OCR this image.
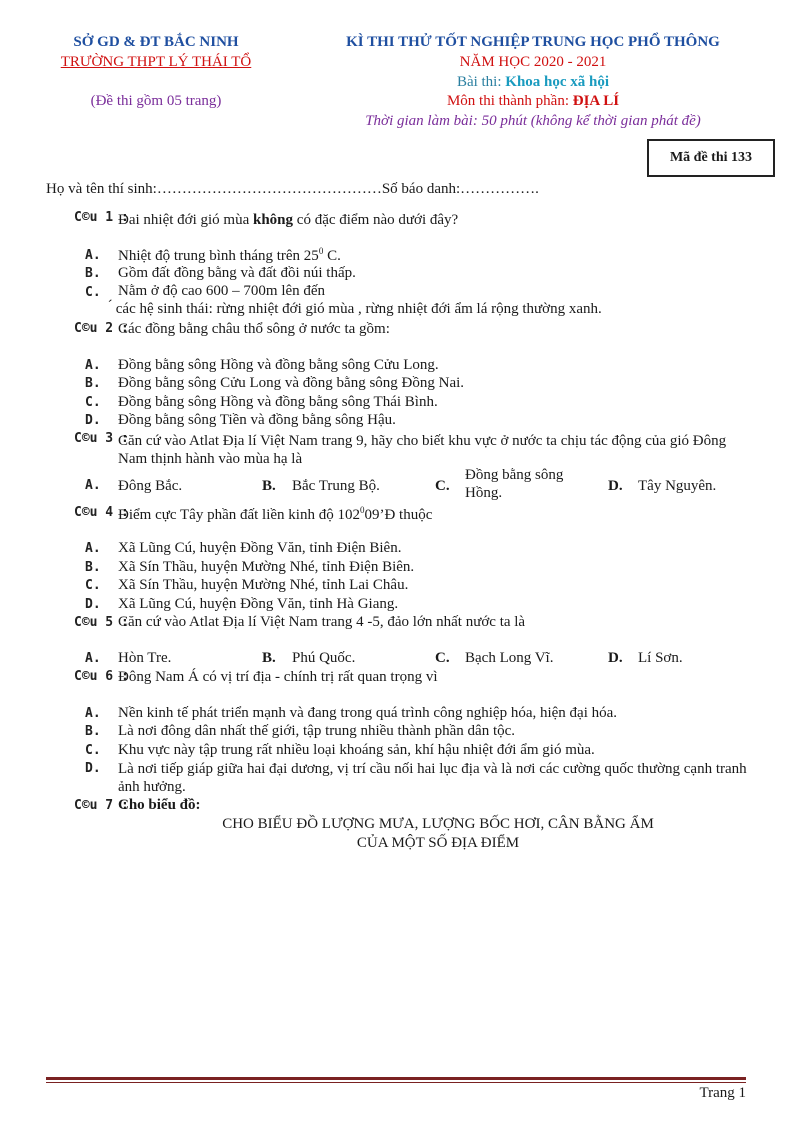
SỞ GD & ĐT BẮC NINH
TRƯỜNG THPT LÝ THÁI TỔ
(Đề thi gồm 05 trang)
KÌ THI THỬ TỐT NGHIỆP TRUNG HỌC PHỔ THÔNG
NĂM HỌC 2020 - 2021
Bài thi: Khoa học xã hội
Môn thi thành phần: ĐỊA LÍ
Thời gian làm bài: 50 phút (không kể thời gian phát đề)
Mã đề thi 133
Họ và tên thí sinh:………………………………………Số báo danh:…………….
C©u 1 :
Đai nhiệt đới gió mùa không có đặc điểm nào dưới đây?
A. Nhiệt độ trung bình tháng trên $25^0$ C.
B. Gồm đất đồng bằng và đất đồi núi thấp.
C. Nằm ở độ cao 600 – 700m lên đến
́ các hệ sinh thái: rừng nhiệt đới gió mùa , rừng nhiệt đới ẩm lá rộng thường xanh.
C©u 2 :
Các đồng bằng châu thổ sông ở nước ta gồm:
A. Đồng bằng sông Hồng và đồng bằng sông Cửu Long.
B. Đồng bằng sông Cửu Long và đồng bằng sông Đồng Nai.
C. Đồng bằng sông Hồng và đồng bằng sông Thái Bình.
D. Đồng bằng sông Tiền và đồng bằng sông Hậu.
C©u 3 :
Căn cứ vào Atlat Địa lí Việt Nam trang 9, hãy cho biết khu vực ở nước ta chịu tác động của gió Đông Nam thịnh hành vào mùa hạ là
A. Đông Bắc.	B. Bắc Trung Bộ.	C.
Đồng bằng sông
Hồng.	D. Tây Nguyên.
C©u 4 :
Điểm cực Tây phần đất liền kinh độ $102^009’Đ$ thuộc
A. Xã Lũng Cú, huyện Đồng Văn, tỉnh Điện Biên.
B. Xã Sín Thầu, huyện Mường Nhé, tỉnh Điện Biên.
C. Xã Sín Thầu, huyện Mường Nhé, tỉnh Lai Châu.
D. Xã Lũng Cú, huyện Đồng Văn, tỉnh Hà Giang.
C©u 5 :
Căn cứ vào Atlat Địa lí Việt Nam trang 4 -5, đảo lớn nhất nước ta là
A. Hòn Tre.	B. Phú Quốc.	C. Bạch Long Vĩ.	D. Lí Sơn.
C©u 6 :
Đông Nam Á có vị trí địa - chính trị rất quan trọng vì
A. Nền kinh tế phát triển mạnh và đang trong quá trình công nghiệp hóa, hiện đại hóa.
B. Là nơi đông dân nhất thế giới, tập trung nhiều thành phần dân tộc.
C. Khu vực này tập trung rất nhiều loại khoáng sản, khí hậu nhiệt đới ẩm gió mùa.
D. Là nơi tiếp giáp giữa hai đại dương, vị trí cầu nối hai lục địa và là nơi các cường quốc thường cạnh tranh ảnh hưởng.
C©u 7 :
Cho biểu đồ:
CHO BIỂU ĐỒ LƯỢNG MƯA, LƯỢNG BỐC HƠI, CÂN BẰNG ẨM
CỦA MỘT SỐ ĐỊA ĐIỂM
Trang 1
